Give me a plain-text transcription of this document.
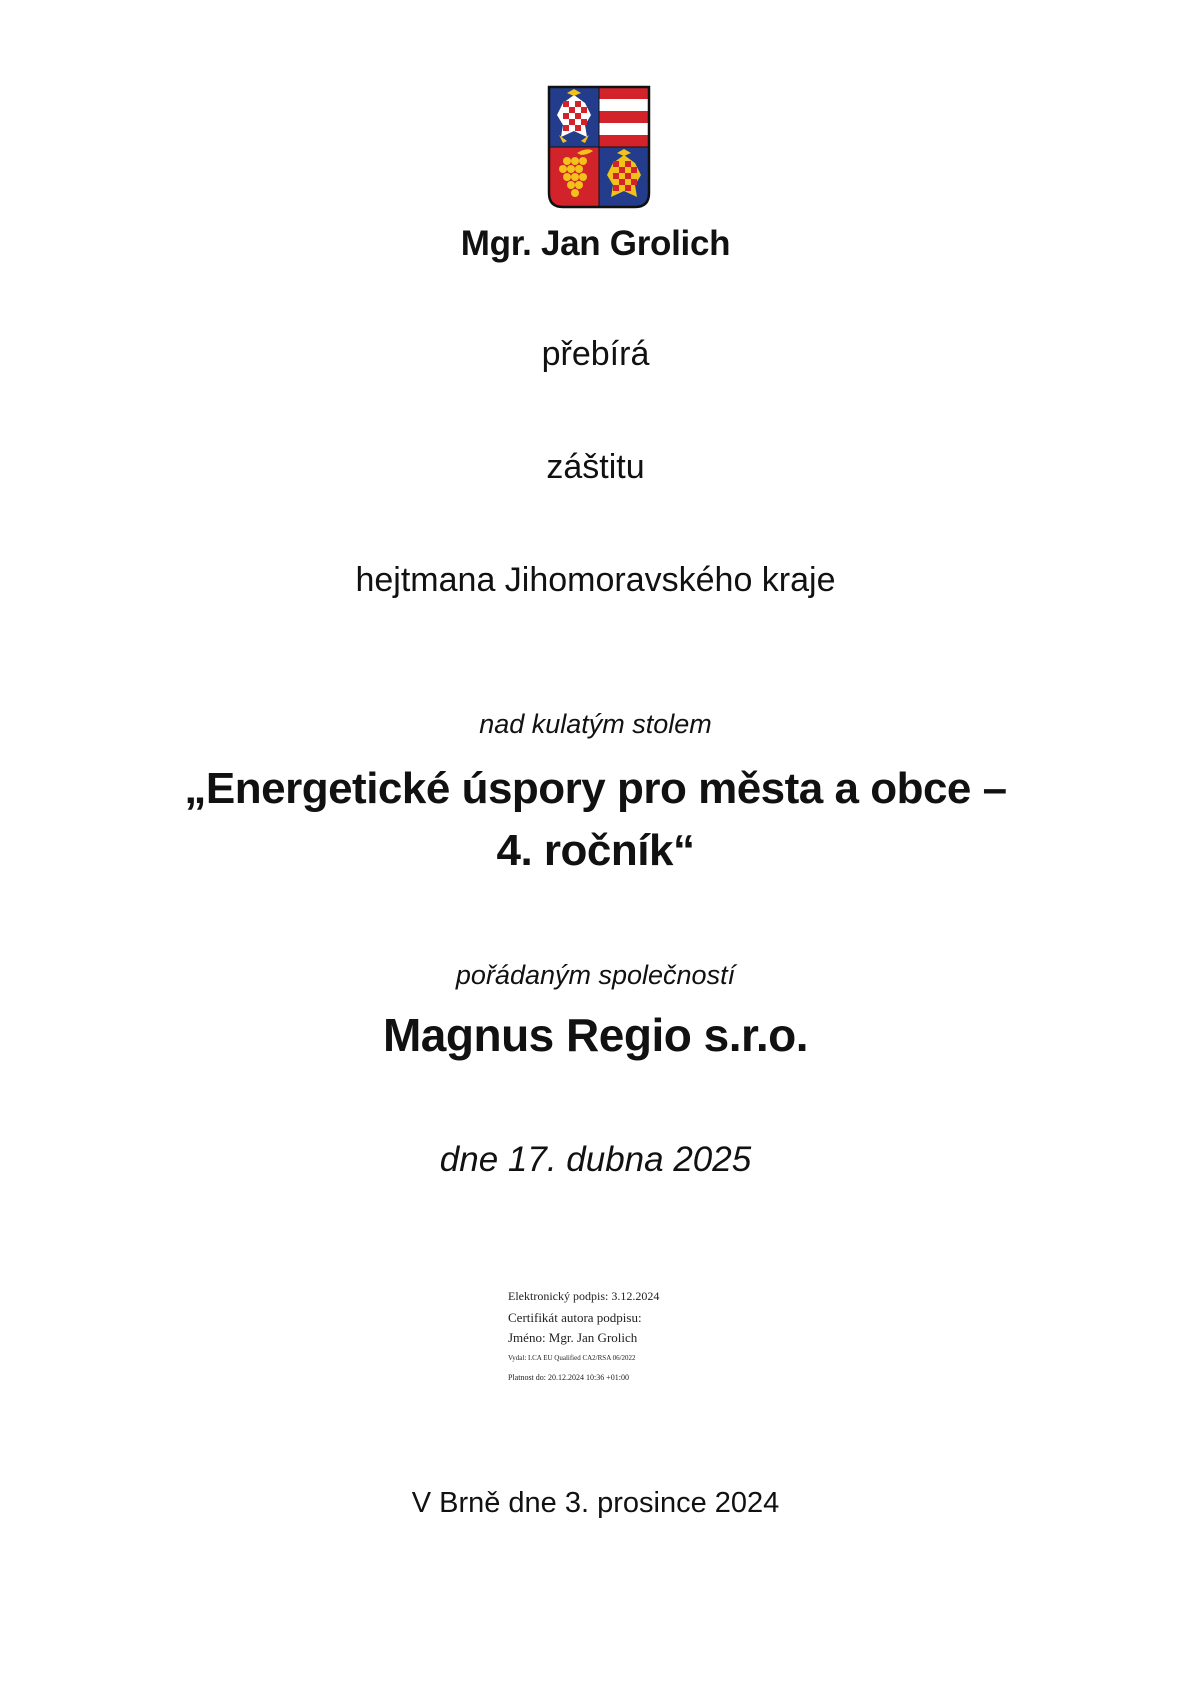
Mgr. Jan Grolich
přebírá
záštitu
hejtmana Jihomoravského kraje
nad kulatým stolem
„Energetické úspory pro města a obce –
4. ročník“
pořádaným společností
Magnus Regio s.r.o.
dne 17. dubna 2025
Elektronický podpis: 3.12.2024
Certifikát autora podpisu:
Jméno: Mgr. Jan Grolich
Vydal: I.CA EU Qualified CA2/RSA 06/2022
Platnost do: 20.12.2024 10:36 +01:00
V Brně dne 3. prosince 2024
